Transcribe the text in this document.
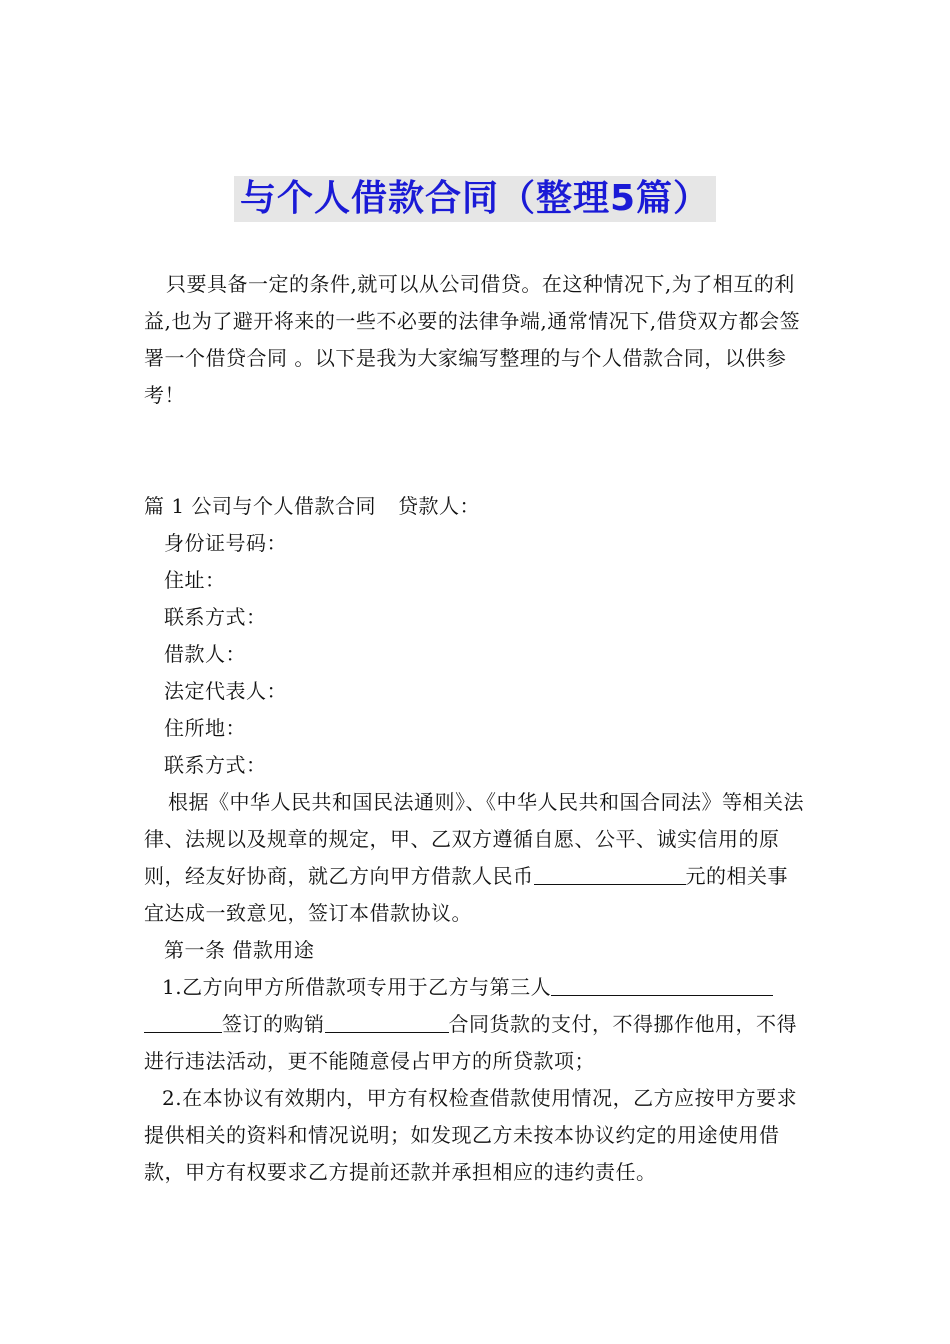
与个人借款合同（整理5篇）

只要具备一定的条件,就可以从公司借贷。在这种情况下,为了相互的利益,也为了避开将来的一些不必要的法律争端,通常情况下,借贷双方都会签署一个借贷合同 。以下是我为大家编写整理的与个人借款合同，以供参考！

篇 1 公司与个人借款合同 贷款人：

身份证号码：

住址：

联系方式：

借款人：

法定代表人：

住所地：

联系方式：

根据《中华人民共和国民法通则》、《中华人民共和国合同法》等相关法律、法规以及规章的规定，甲、乙双方遵循自愿、公平、诚实信用的原则，经友好协商，就乙方向甲方借款人民币	元的相关事宜达成一致意见，签订本借款协议。

第一条 借款用途

1.乙方向甲方所借款项专用于乙方与第三人签订的购销	合同货款的支付，不得挪作他用，不得进行违法活动，更不能随意侵占甲方的所贷款项；

2.在本协议有效期内，甲方有权检查借款使用情况，乙方应按甲方要求提供相关的资料和情况说明；如发现乙方未按本协议约定的用途使用借款，甲方有权要求乙方提前还款并承担相应的违约责任。
